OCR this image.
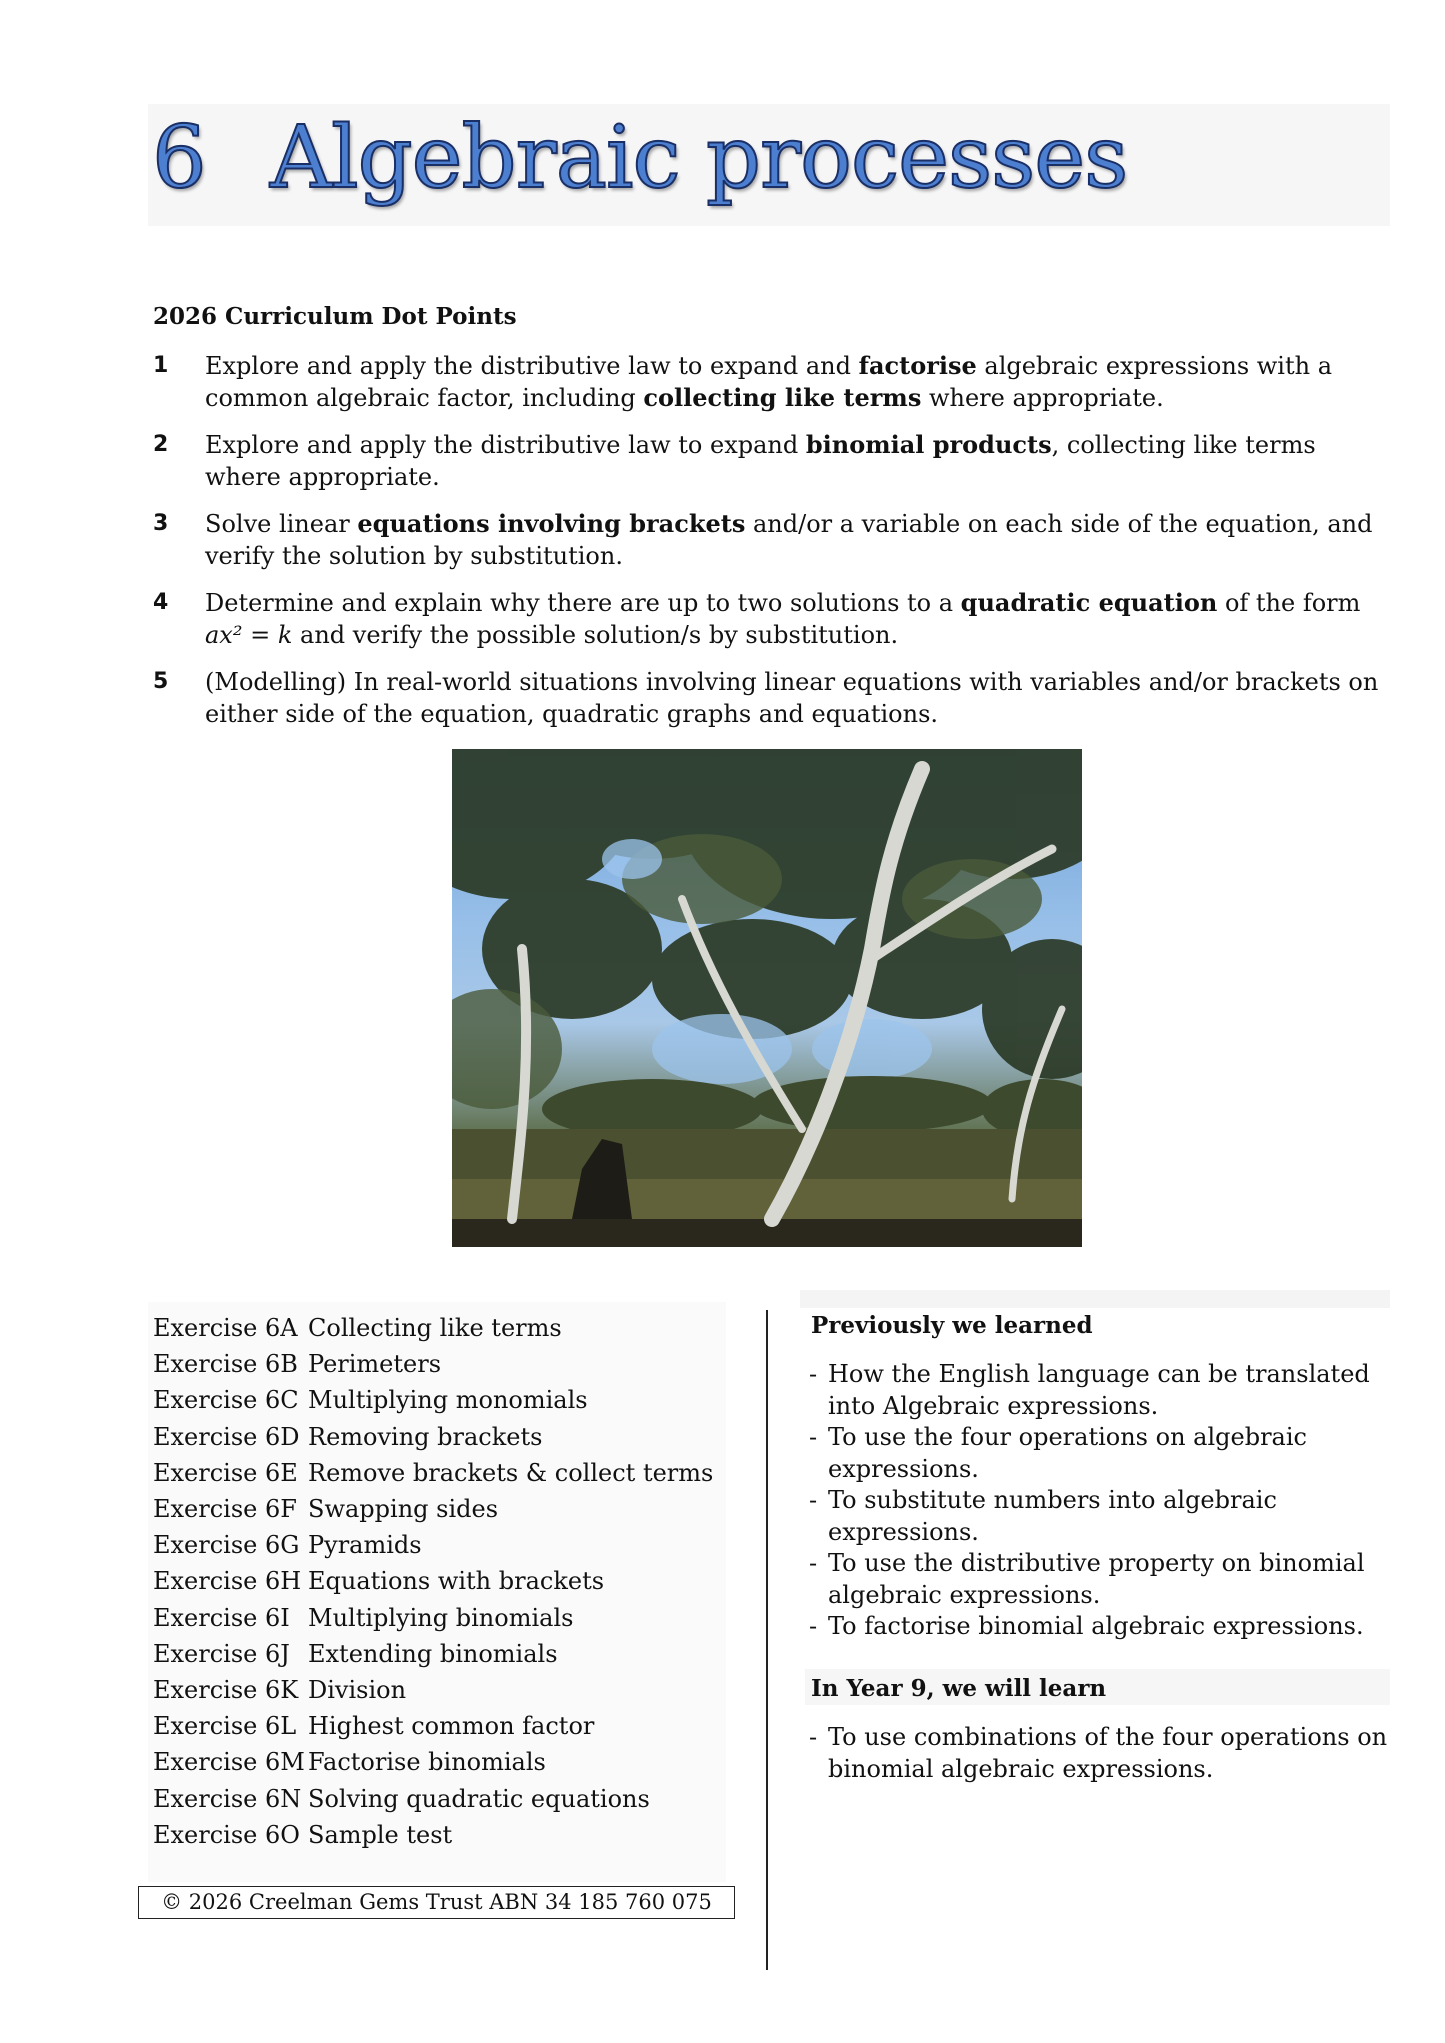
6 Algebraic processes
2026 Curriculum Dot Points
1	Explore and apply the distributive law to expand and factorise algebraic expressions with a common algebraic factor, including collecting like terms where appropriate.
2	Explore and apply the distributive law to expand binomial products, collecting like terms where appropriate.
3	Solve linear equations involving brackets and/or a variable on each side of the equation, and verify the solution by substitution.
4	Determine and explain why there are up to two solutions to a quadratic equation of the form ax² = k and verify the possible solution/s by substitution.
5	(Modelling) In real-world situations involving linear equations with variables and/or brackets on either side of the equation, quadratic graphs and equations.
Exercise 6A Collecting like terms
Exercise 6B Perimeters
Exercise 6C Multiplying monomials
Exercise 6D Removing brackets
Exercise 6E Remove brackets & collect terms
Exercise 6F Swapping sides
Exercise 6G Pyramids
Exercise 6H Equations with brackets
Exercise 6I Multiplying binomials
Exercise 6J Extending binomials
Exercise 6K Division
Exercise 6L Highest common factor
Exercise 6M Factorise binomials
Exercise 6N Solving quadratic equations
Exercise 6O Sample test
Previously we learned
- How the English language can be translated into Algebraic expressions.
- To use the four operations on algebraic expressions.
- To substitute numbers into algebraic expressions.
- To use the distributive property on binomial algebraic expressions.
- To factorise binomial algebraic expressions.
In Year 9, we will learn
- To use combinations of the four operations on binomial algebraic expressions.
© 2026 Creelman Gems Trust ABN 34 185 760 075
